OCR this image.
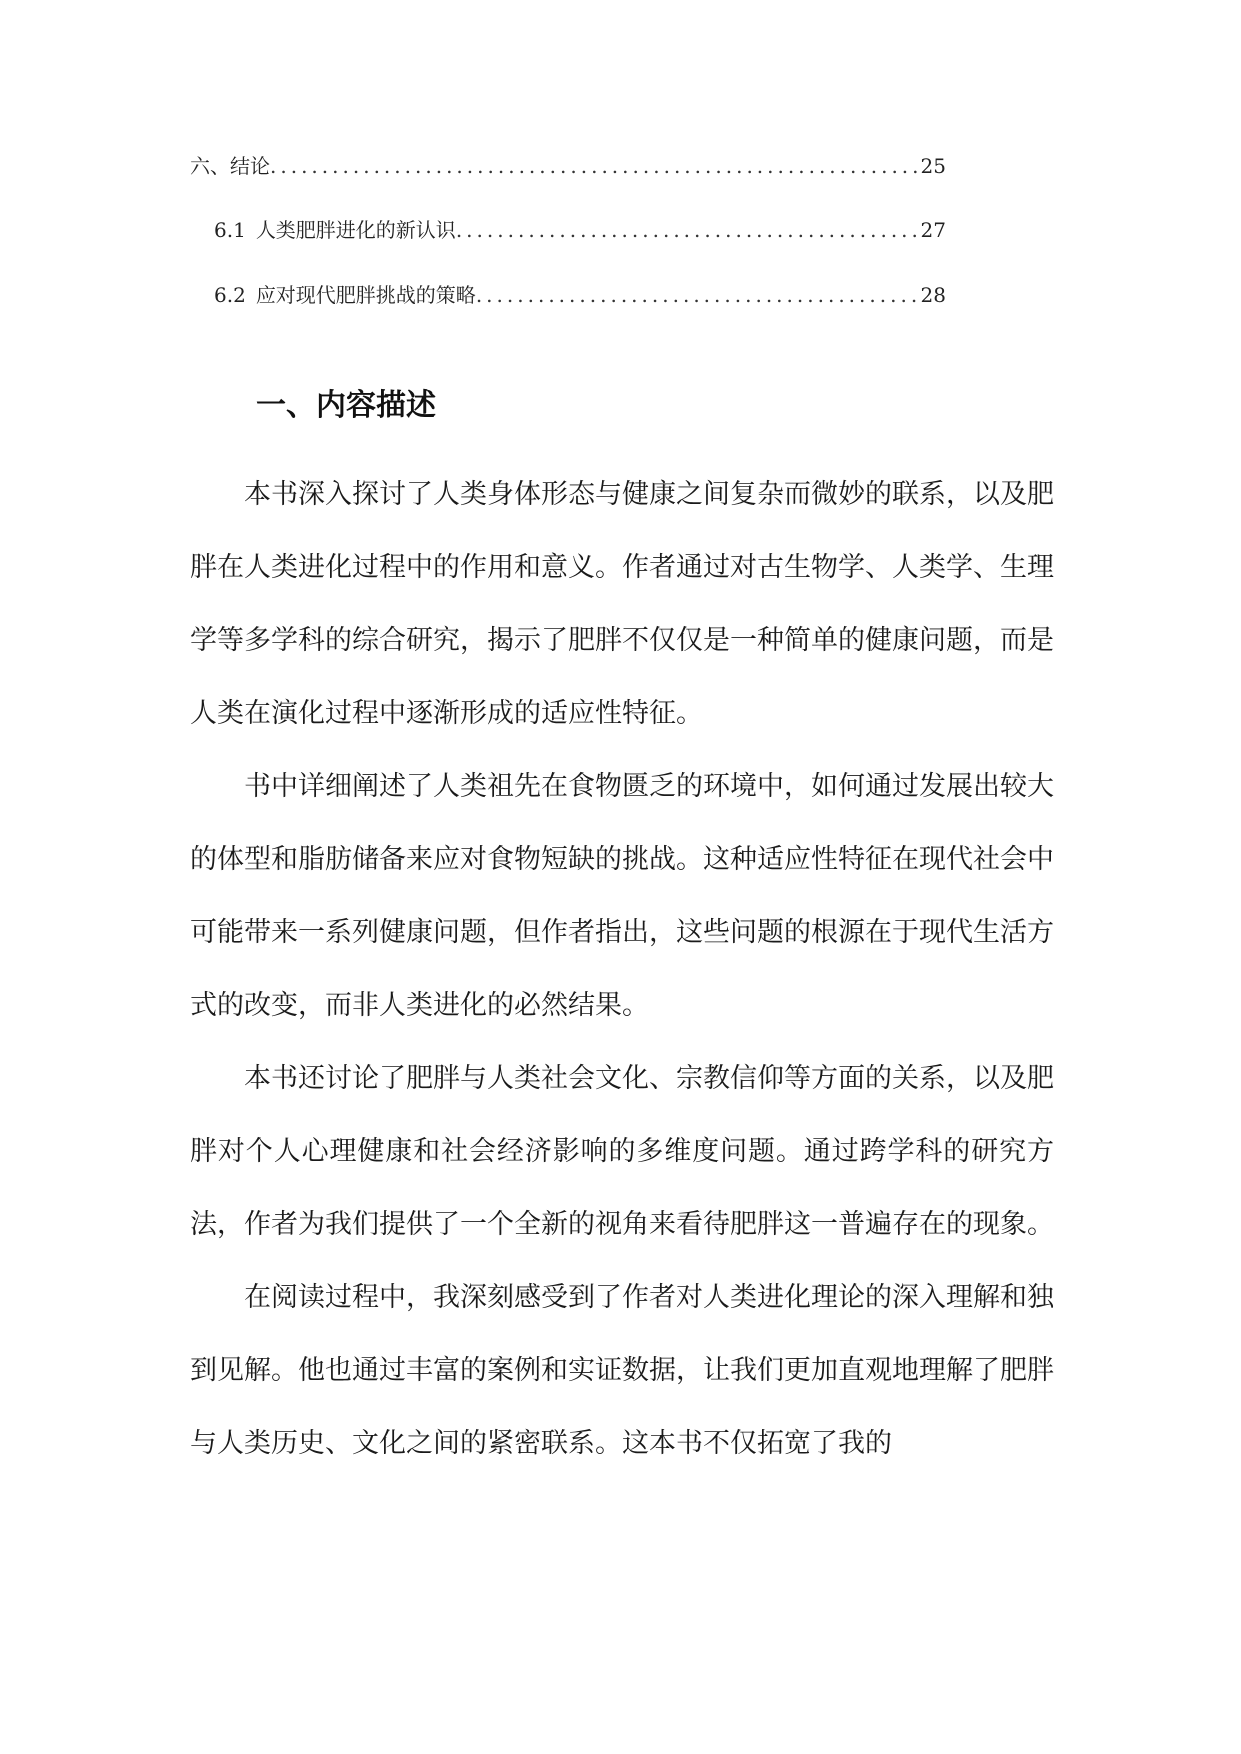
六、 结论 .....	25
6.1 人类肥胖进化的新认识 .....	27
6.2 应对现代肥胖挑战的策略 .....	28
一、内容描述

本书深入探讨了人类身体形态与健康之间复杂而微妙的联系，以及肥胖在人类进化过程中的作用和意义。作者通过对古生物学、人类学、生理学等多学科的综合研究，揭示了肥胖不仅仅是一种简单的健康问题，而是人类在演化过程中逐渐形成的适应性特征。

书中详细阐述了人类祖先在食物匮乏的环境中，如何通过发展出较大的体型和脂肪储备来应对食物短缺的挑战。这种适应性特征在现代社会中可能带来一系列健康问题，但作者指出，这些问题的根源在于现代生活方式的改变，而非人类进化的必然结果。

本书还讨论了肥胖与人类社会文化、宗教信仰等方面的关系，以及肥胖对个人心理健康和社会经济影响的多维度问题。通过跨学科的研究方法，作者为我们提供了一个全新的视角来看待肥胖这一普遍存在的现象。

在阅读过程中，我深刻感受到了作者对人类进化理论的深入理解和独到见解。他也通过丰富的案例和实证数据，让我们更加直观地理解了肥胖与人类历史、文化之间的紧密联系。这本书不仅拓宽了我的
